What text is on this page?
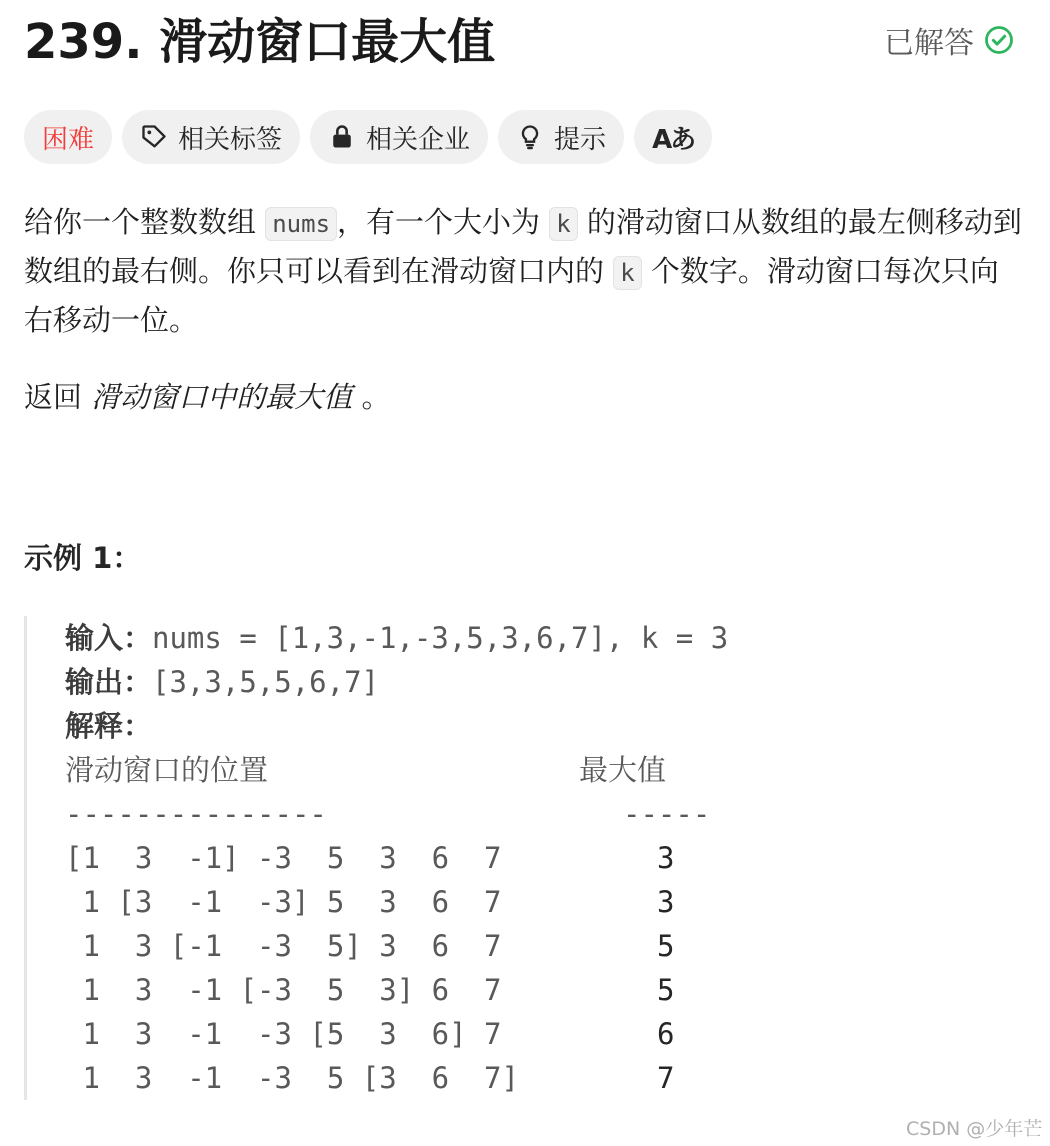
239. 滑动窗口最大值	已解答
困难	相关标签	相关企业	提示 Aあ

给你一个整数数组 nums ，有一个大小为 k 的滑动窗口从数组的最左侧移动到数组的最右侧。你只可以看到在滑动窗口内的 k 个数字。滑动窗口每次只向右移动一位。

返回 滑动窗口中的最大值 。

示例 1：
输入：nums = [1,3,-1,-3,5,3,6,7], k = 3
输出：[3,3,5,5,6,7]
解释：
滑动窗口的位置	最大值
---------------	-----
[1  3  -1] -3  5  3  6  7	3
1 [3  -1  -3] 5  3  6  7	3
1  3 [-1  -3  5] 3  6  7	5
1  3  -1 [-3  5  3] 6  7	5
1  3  -1  -3 [5  3  6] 7	6
1  3  -1  -3  5 [3  6  7]	7
CSDN @少年芒
